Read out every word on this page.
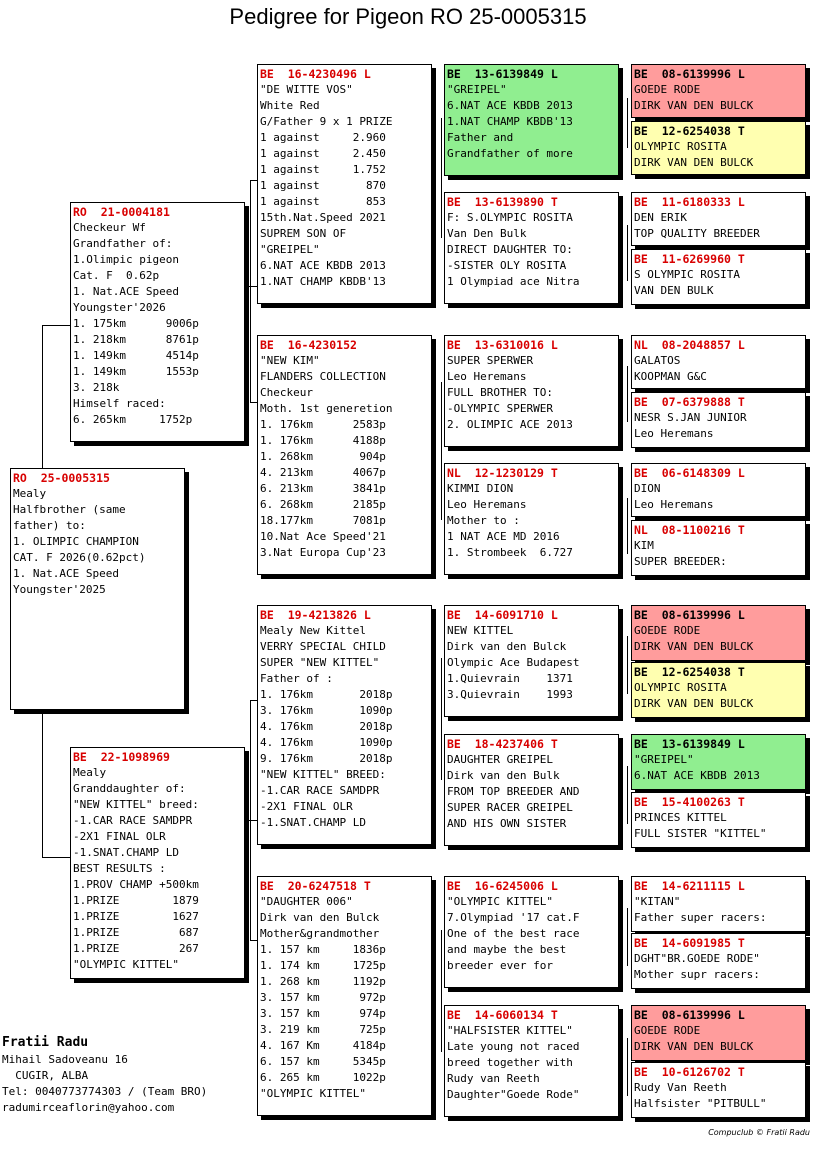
Pedigree for Pigeon RO 25-0005315
RO  25-0005315
Mealy
Halfbrother (same
father) to:
1. OLIMPIC CHAMPION
CAT. F 2026(0.62pct)
1. Nat.ACE Speed
Youngster'2025
RO  21-0004181
Checkeur Wf
Grandfather of:
1.Olimpic pigeon
Cat. F  0.62p
1. Nat.ACE Speed
Youngster'2026
1. 175km      9006p
1. 218km      8761p
1. 149km      4514p
1. 149km      1553p
3. 218k
Himself raced:
6. 265km     1752p
BE  22-1098969
Mealy
Granddaughter of:
"NEW KITTEL" breed:
-1.CAR RACE SAMDPR
-2X1 FINAL OLR
-1.SNAT.CHAMP LD
BEST RESULTS :
1.PROV CHAMP +500km
1.PRIZE        1879
1.PRIZE        1627
1.PRIZE         687
1.PRIZE         267
"OLYMPIC KITTEL"
BE  16-4230496 L
"DE WITTE VOS"
White Red
G/Father 9 x 1 PRIZE
1 against     2.960
1 against     2.450
1 against     1.752
1 against       870
1 against       853
15th.Nat.Speed 2021
SUPREM SON OF
"GREIPEL"
6.NAT ACE KBDB 2013
1.NAT CHAMP KBDB'13
BE  16-4230152
"NEW KIM"
FLANDERS COLLECTION
Checkeur
Moth. 1st generetion
1. 176km      2583p
1. 176km      4188p
1. 268km       904p
4. 213km      4067p
6. 213km      3841p
6. 268km      2185p
18.177km      7081p
10.Nat Ace Speed'21
3.Nat Europa Cup'23
BE  19-4213826 L
Mealy New Kittel
VERRY SPECIAL CHILD
SUPER "NEW KITTEL"
Father of :
1. 176km       2018p
3. 176km       1090p
4. 176km       2018p
4. 176km       1090p
9. 176km       2018p
"NEW KITTEL" BREED:
-1.CAR RACE SAMDPR
-2X1 FINAL OLR
-1.SNAT.CHAMP LD
BE  20-6247518 T
"DAUGHTER 006"
Dirk van den Bulck
Mother&grandmother
1. 157 km     1836p
1. 174 km     1725p
1. 268 km     1192p
3. 157 km      972p
3. 157 km      974p
3. 219 km      725p
4. 167 Km     4184p
6. 157 km     5345p
6. 265 km     1022p
"OLYMPIC KITTEL"
BE  13-6139849 L
"GREIPEL"
6.NAT ACE KBDB 2013
1.NAT CHAMP KBDB'13
Father and
Grandfather of more
BE  13-6139890 T
F: S.OLYMPIC ROSITA
Van Den Bulk
DIRECT DAUGHTER TO:
-SISTER OLY ROSITA
1 Olympiad ace Nitra
BE  13-6310016 L
SUPER SPERWER
Leo Heremans
FULL BROTHER TO:
-OLYMPIC SPERWER
2. OLIMPIC ACE 2013
NL  12-1230129 T
KIMMI DION
Leo Heremans
Mother to :
1 NAT ACE MD 2016
1. Strombeek  6.727
BE  14-6091710 L
NEW KITTEL
Dirk van den Bulck
Olympic Ace Budapest
1.Quievrain    1371
3.Quievrain    1993
BE  18-4237406 T
DAUGHTER GREIPEL
Dirk van den Bulk
FROM TOP BREEDER AND
SUPER RACER GREIPEL
AND HIS OWN SISTER
BE  16-6245006 L
"OLYMPIC KITTEL"
7.Olympiad '17 cat.F
One of the best race
and maybe the best
breeder ever for
BE  14-6060134 T
"HALFSISTER KITTEL"
Late young not raced
breed together with
Rudy van Reeth
Daughter"Goede Rode"
BE  08-6139996 L
GOEDE RODE
DIRK VAN DEN BULCK
BE  12-6254038 T
OLYMPIC ROSITA
DIRK VAN DEN BULCK
BE  11-6180333 L
DEN ERIK
TOP QUALITY BREEDER
BE  11-6269960 T
S OLYMPIC ROSITA
VAN DEN BULK
NL  08-2048857 L
GALATOS
KOOPMAN G&C
BE  07-6379888 T
NESR S.JAN JUNIOR
Leo Heremans
BE  06-6148309 L
DION
Leo Heremans
NL  08-1100216 T
KIM
SUPER BREEDER:
BE  08-6139996 L
GOEDE RODE
DIRK VAN DEN BULCK
BE  12-6254038 T
OLYMPIC ROSITA
DIRK VAN DEN BULCK
BE  13-6139849 L
"GREIPEL"
6.NAT ACE KBDB 2013
BE  15-4100263 T
PRINCES KITTEL
FULL SISTER "KITTEL"
BE  14-6211115 L
"KITAN"
Father super racers:
BE  14-6091985 T
DGHT"BR.GOEDE RODE"
Mother supr racers:
BE  08-6139996 L
GOEDE RODE
DIRK VAN DEN BULCK
BE  10-6126702 T
Rudy Van Reeth
Halfsister "PITBULL"
Fratii Radu
Mihail Sadoveanu 16
CUGIR, ALBA
Tel: 0040773774303 / (Team BRO)
radumirceaflorin@yahoo.com
Compuclub © Fratii Radu
